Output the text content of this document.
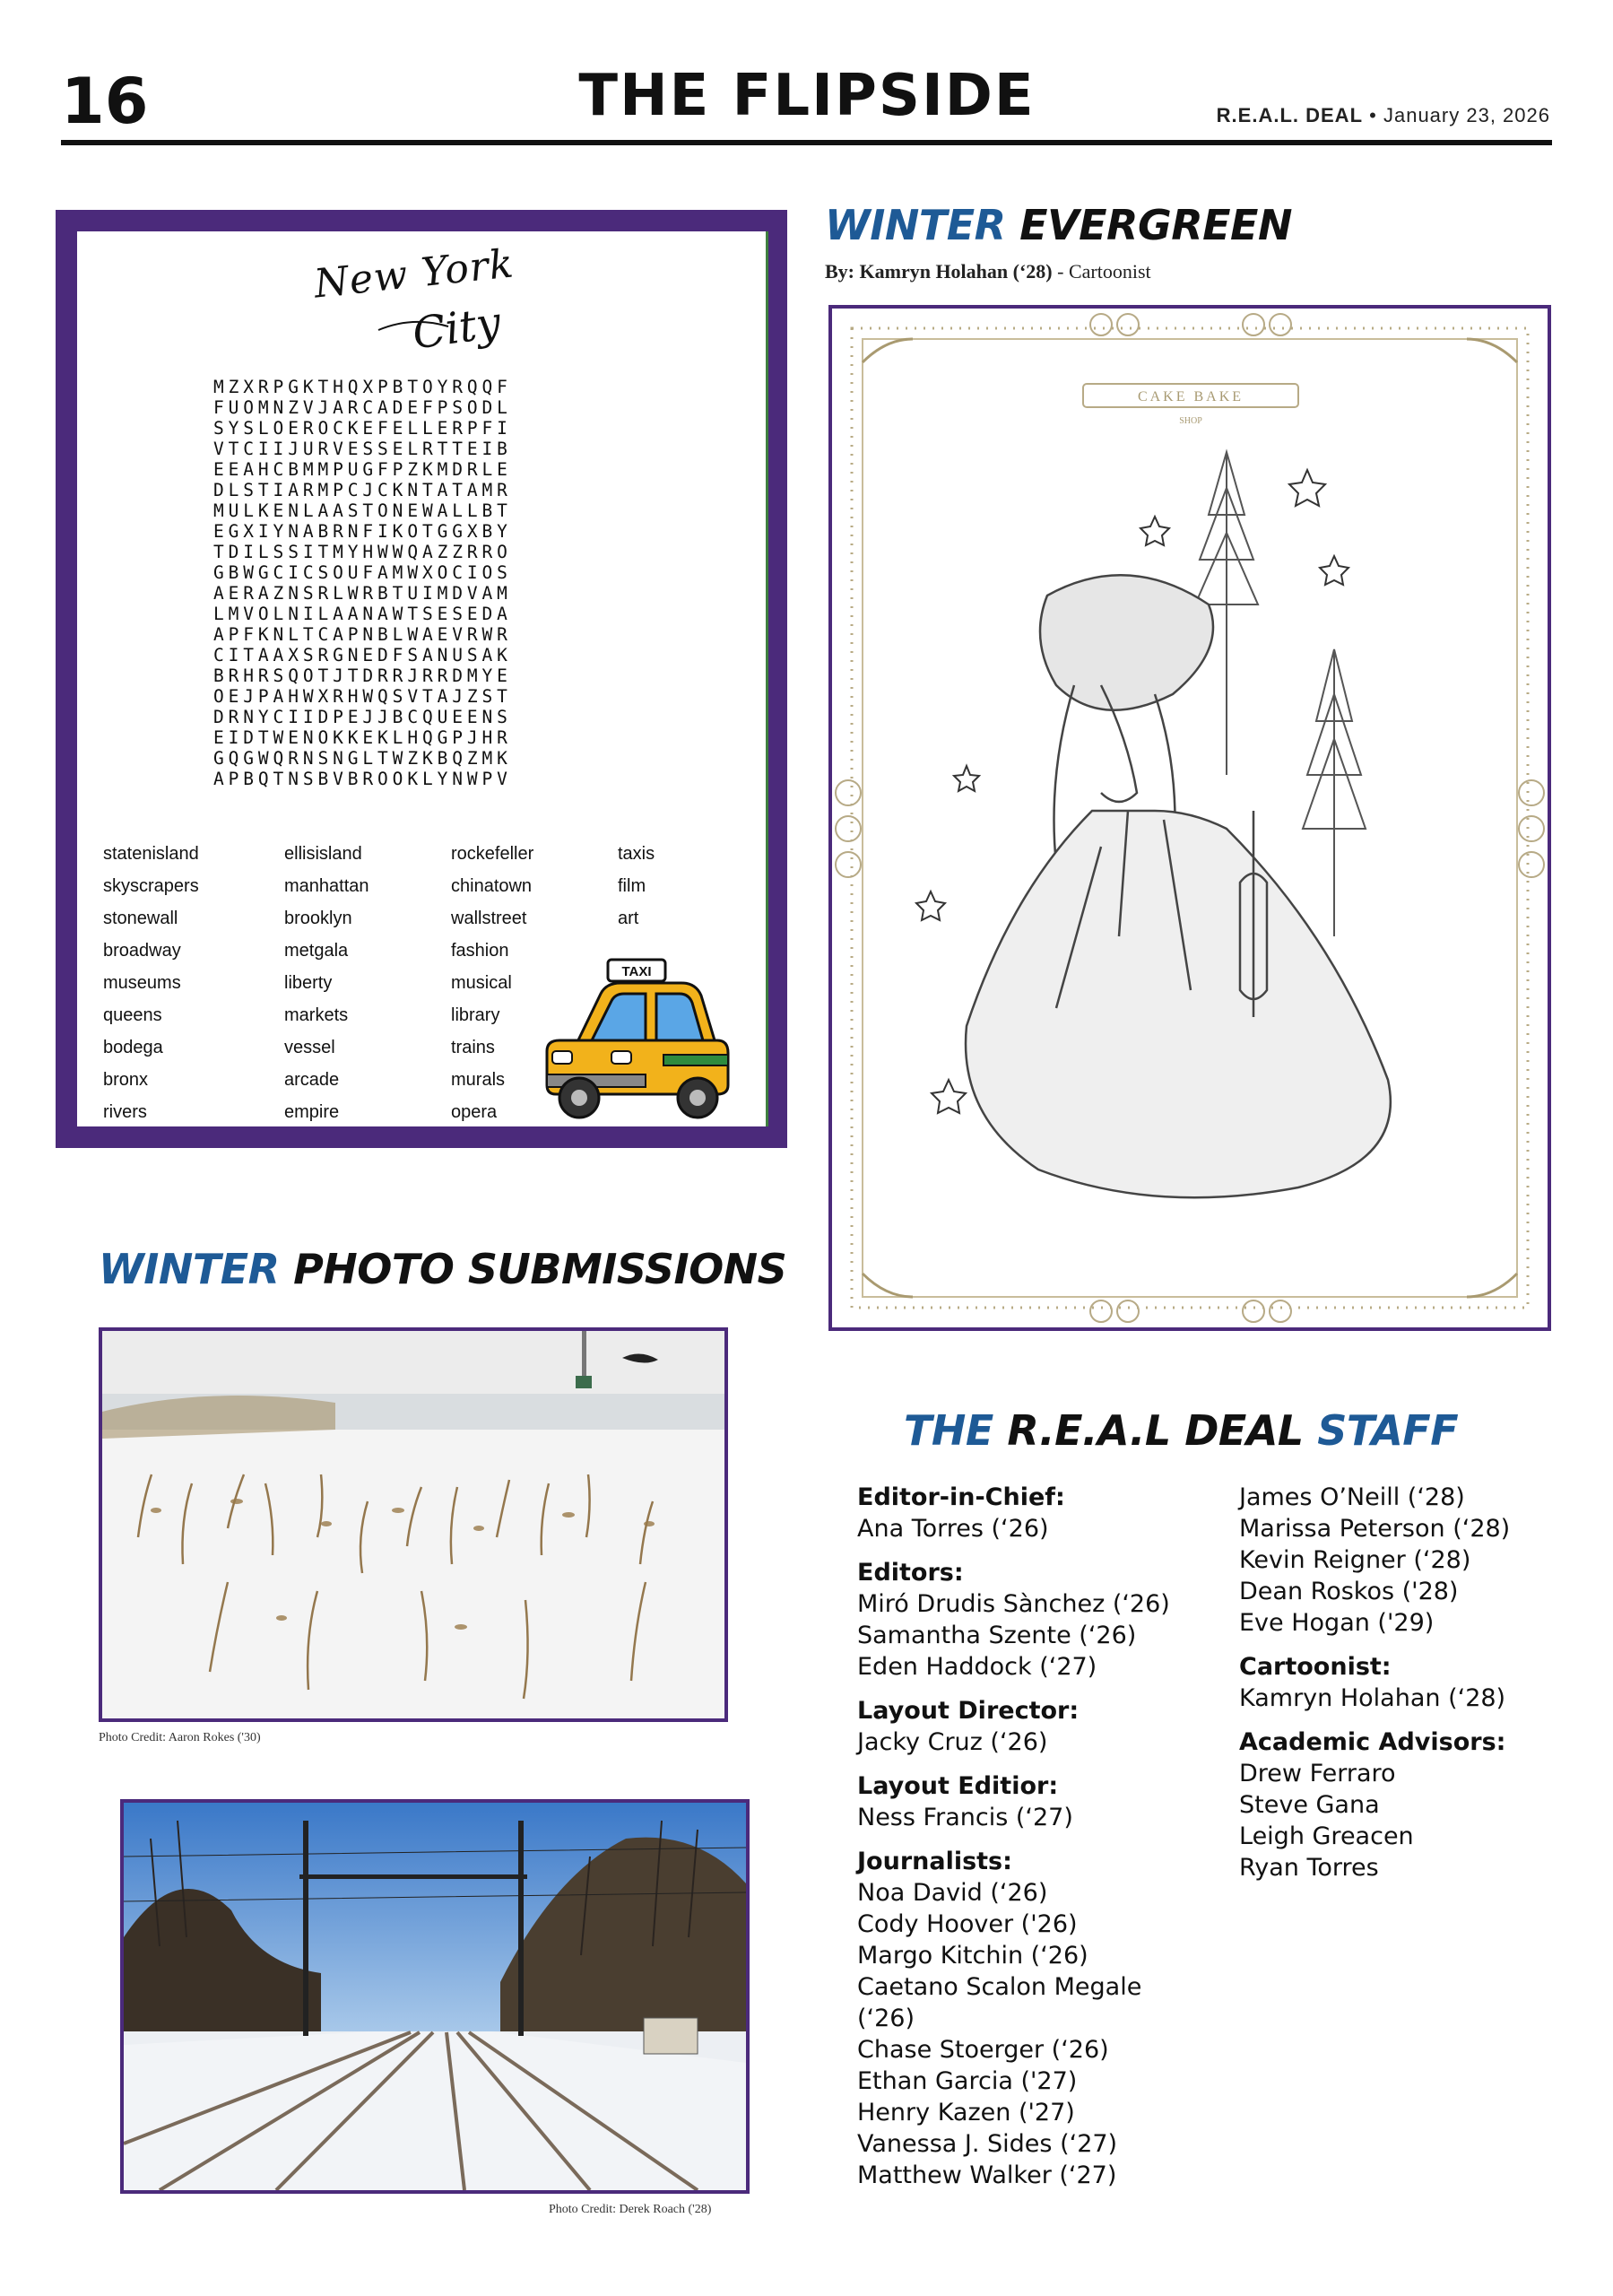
16	THE FLIPSIDE	R.E.A.L. DEAL • January 23, 2026
New York
City
MZXRPGKTHQXPBTOYRQQF
FUOMNZVJARCADEFPSODL
SYSLOEROCKEFELLERPFI
VTCIIJURVESSELRTTEIB
EEAHCBMMPUGFPZKMDRLE
DLSTIARMPCJCKNTATAMR
MULKENLAASTONEWALLBT
EGXIYNABRNFIKOTGGXBY
TDILSSITMYHWWQAZZRRO
GBWGCICSOUFAMWXOCIOS
AERAZNSRLWRBTUIMDVAM
LMVOLNILAANAWTSESEDA
APFKNLTCAPNBLWAEVRWR
CITAAXSRGNEDFSANUSAK
BRHRSQOTJTDRRJRRDMYE
OEJPAHWXRHWQSVTAJZST
DRNYCIIDPEJJBCQUEENS
EIDTWENOKKEKLHQGPJHR
GQGWQRNSNGLTWZKBQZMK
APBQTNSBVBROOKLYNWPV
statenisland
skyscrapers
stonewall
broadway
museums
queens
bodega
bronx
rivers
ellisisland
manhattan
brooklyn
metgala
liberty
markets
vessel
arcade
empire
rockefeller
chinatown
wallstreet
fashion
musical
library
trains
murals
opera
taxis
film
art
TAXI
WINTER EVERGREEN
By: Kamryn Holahan (‘28) - Cartoonist
CAKE BAKE
SHOP
WINTER PHOTO SUBMISSIONS
Photo Credit: Aaron Rokes ('30)
Photo Credit: Derek Roach ('28)
THE R.E.A.L DEAL STAFF
Editor-in-Chief:
Ana Torres (‘26)
Editors:
Miró Drudis Sànchez (‘26)
Samantha Szente (‘26)
Eden Haddock (‘27)
Layout Director:
Jacky Cruz (‘26)
Layout Editior:
Ness Francis (‘27)
Journalists:
Noa David (‘26)
Cody Hoover ('26)
Margo Kitchin (‘26)
Caetano Scalon Megale
(‘26)
Chase Stoerger (‘26)
Ethan Garcia ('27)
Henry Kazen ('27)
Vanessa J. Sides (‘27)
Matthew Walker (‘27)
James O’Neill (‘28)
Marissa Peterson (‘28)
Kevin Reigner (‘28)
Dean Roskos ('28)
Eve Hogan ('29)
Cartoonist:
Kamryn Holahan (‘28)
Academic Advisors:
Drew Ferraro
Steve Gana
Leigh Greacen
Ryan Torres
